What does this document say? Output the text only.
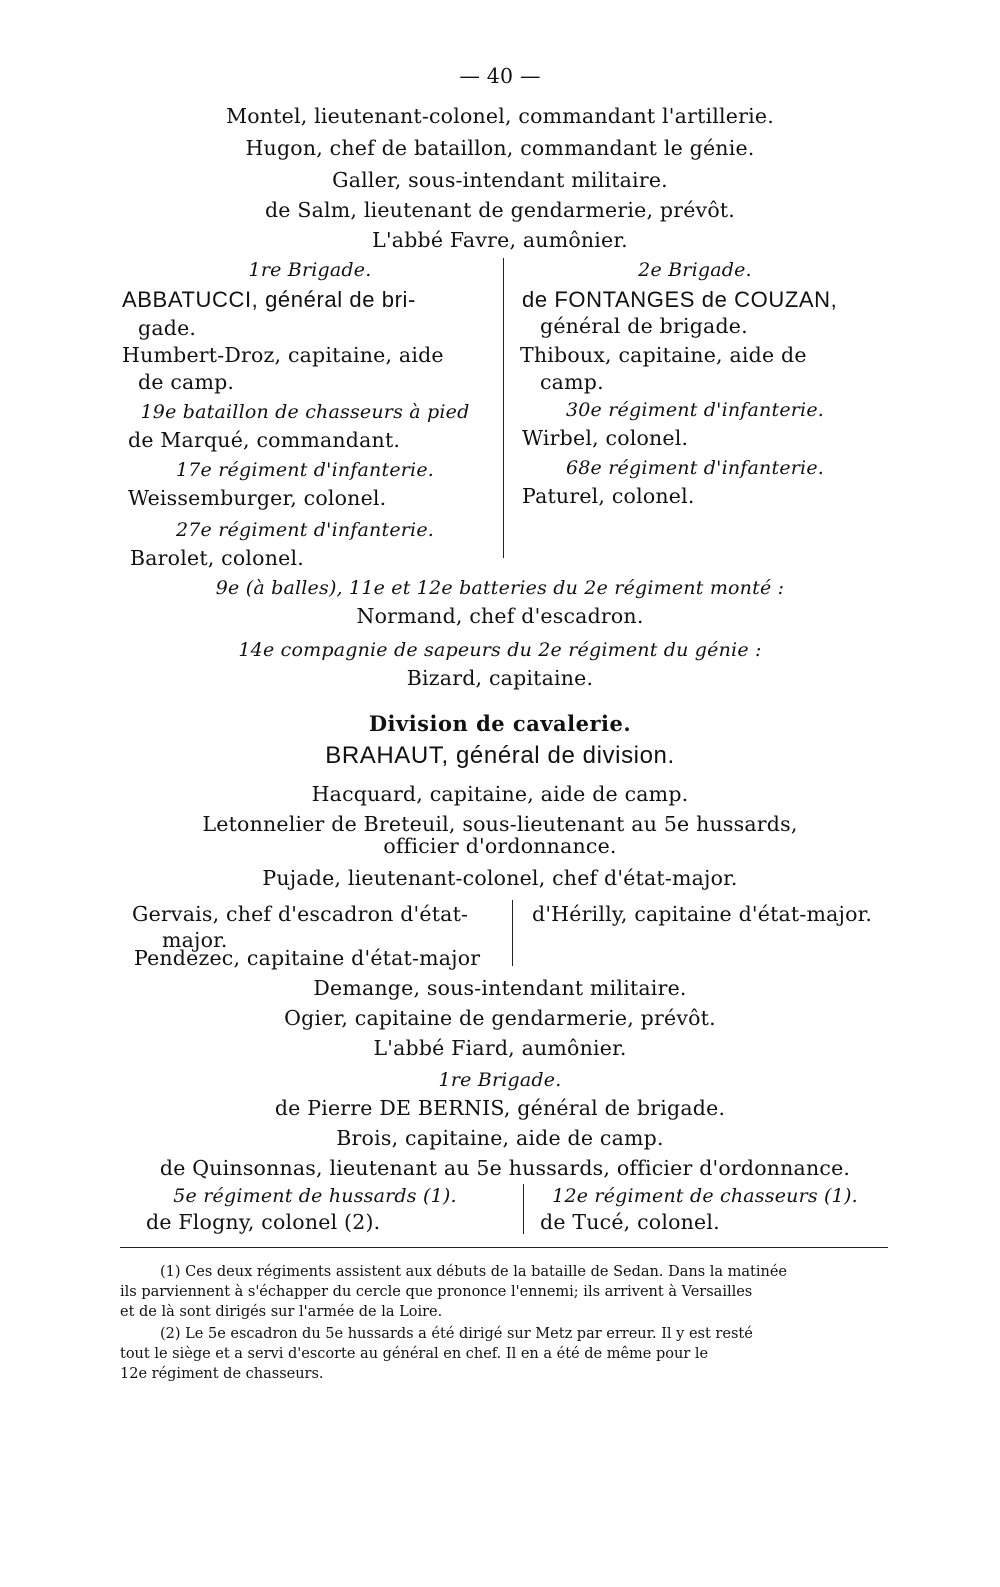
— 40 —
Montel, lieutenant-colonel, commandant l'artillerie.
Hugon, chef de bataillon, commandant le génie.
Galler, sous-intendant militaire.
de Salm, lieutenant de gendarmerie, prévôt.
L'abbé Favre, aumônier.
1re Brigade.
ABBATUCCI, général de bri-
gade.
Humbert-Droz, capitaine, aide
de camp.
19e bataillon de chasseurs à pied
de Marqué, commandant.
17e régiment d'infanterie.
Weissemburger, colonel.
27e régiment d'infanterie.
Barolet, colonel.
2e Brigade.
de FONTANGES de COUZAN,
général de brigade.
Thiboux, capitaine, aide de
camp.
30e régiment d'infanterie.
Wirbel, colonel.
68e régiment d'infanterie.
Paturel, colonel.
9e (à balles), 11e et 12e batteries du 2e régiment monté :
Normand, chef d'escadron.
14e compagnie de sapeurs du 2e régiment du génie :
Bizard, capitaine.
Division de cavalerie.
BRAHAUT, général de division.
Hacquard, capitaine, aide de camp.
Letonnelier de Breteuil, sous-lieutenant au 5e hussards,
officier d'ordonnance.
Pujade, lieutenant-colonel, chef d'état-major.
Gervais, chef d'escadron d'état-
major.
Pendezec, capitaine d'état-major
d'Hérilly, capitaine d'état-major.
Demange, sous-intendant militaire.
Ogier, capitaine de gendarmerie, prévôt.
L'abbé Fiard, aumônier.
1re Brigade.
de Pierre DE BERNIS, général de brigade.
Brois, capitaine, aide de camp.
de Quinsonnas, lieutenant au 5e hussards, officier d'ordonnance.
5e régiment de hussards (1).
de Flogny, colonel (2).
12e régiment de chasseurs (1).
de Tucé, colonel.
(1) Ces deux régiments assistent aux débuts de la bataille de Sedan. Dans la matinée
ils parviennent à s'échapper du cercle que prononce l'ennemi; ils arrivent à Versailles
et de là sont dirigés sur l'armée de la Loire.
(2) Le 5e escadron du 5e hussards a été dirigé sur Metz par erreur. Il y est resté
tout le siège et a servi d'escorte au général en chef. Il en a été de même pour le
12e régiment de chasseurs.
